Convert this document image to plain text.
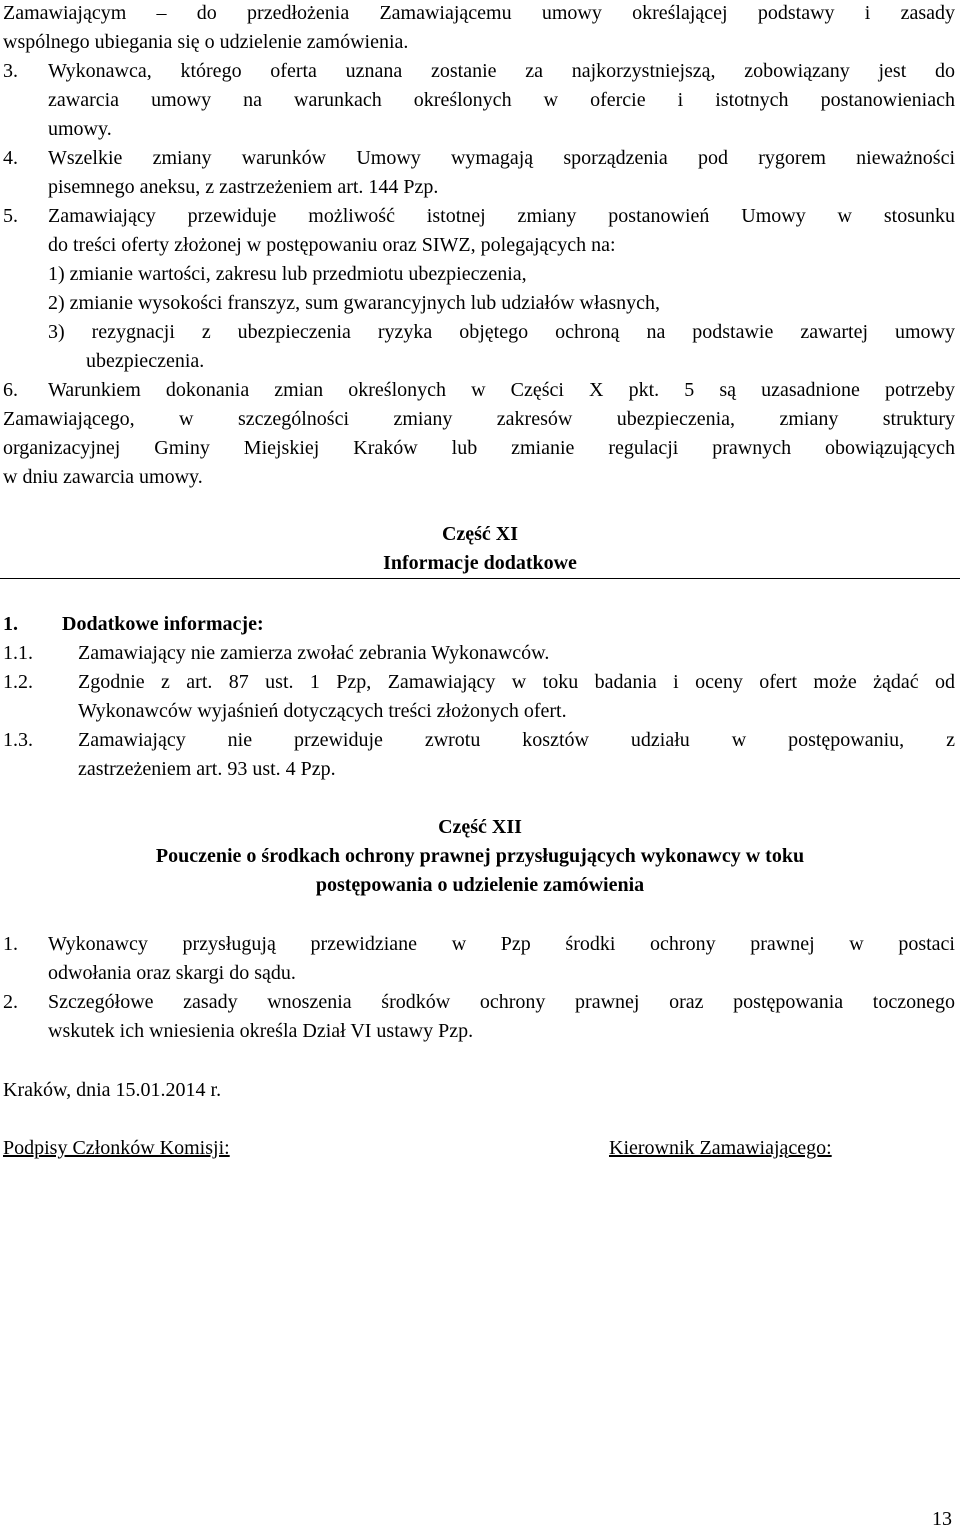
Zamawiającym – do przedłożenia Zamawiającemu umowy określającej podstawy i zasady
wspólnego ubiegania się o udzielenie zamówienia.
3. Wykonawca, którego oferta uznana zostanie za najkorzystniejszą, zobowiązany jest do
zawarcia umowy na warunkach określonych w ofercie i istotnych postanowieniach
umowy.
4. Wszelkie zmiany warunków Umowy wymagają sporządzenia pod rygorem nieważności
pisemnego aneksu, z zastrzeżeniem art. 144 Pzp.
5. Zamawiający przewiduje możliwość istotnej zmiany postanowień Umowy w stosunku
do treści oferty złożonej w postępowaniu oraz SIWZ, polegających na:
1) zmianie wartości, zakresu lub przedmiotu ubezpieczenia,
2) zmianie wysokości franszyz, sum gwarancyjnych lub udziałów własnych,
3) rezygnacji z ubezpieczenia ryzyka objętego ochroną na podstawie zawartej umowy
ubezpieczenia.
6. Warunkiem dokonania zmian określonych w Części X pkt. 5 są uzasadnione potrzeby
Zamawiającego, w szczególności zmiany zakresów ubezpieczenia, zmiany struktury
organizacyjnej Gminy Miejskiej Kraków lub zmianie regulacji prawnych obowiązujących
w dniu zawarcia umowy.
Część XI
Informacje dodatkowe
1. Dodatkowe informacje:
1.1. Zamawiający nie zamierza zwołać zebrania Wykonawców.
1.2. Zgodnie z art. 87 ust. 1 Pzp, Zamawiający w toku badania i oceny ofert może żądać od
Wykonawców wyjaśnień dotyczących treści złożonych ofert.
1.3. Zamawiający nie przewiduje zwrotu kosztów udziału w postępowaniu, z
zastrzeżeniem art. 93 ust. 4 Pzp.
Część XII
Pouczenie o środkach ochrony prawnej przysługujących wykonawcy w toku
postępowania o udzielenie zamówienia
1. Wykonawcy przysługują przewidziane w Pzp środki ochrony prawnej w postaci
odwołania oraz skargi do sądu.
2. Szczegółowe zasady wnoszenia środków ochrony prawnej oraz postępowania toczonego
wskutek ich wniesienia określa Dział VI ustawy Pzp.
Kraków, dnia 15.01.2014 r.
Podpisy Członków Komisji:	Kierownik Zamawiającego:
13
